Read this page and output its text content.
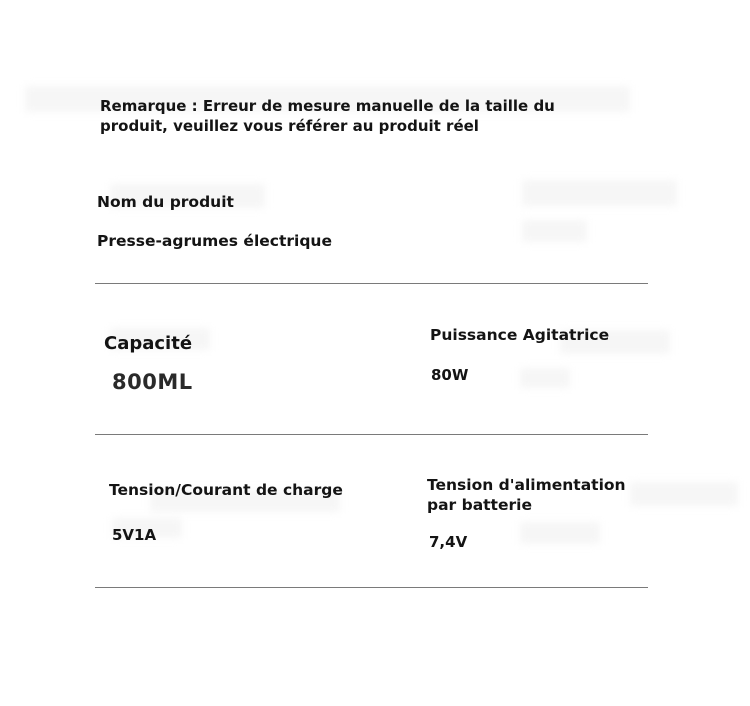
Remarque : Erreur de mesure manuelle de la taille du
produit, veuillez vous référer au produit réel
Nom du produit
Presse-agrumes électrique
Capacité
800ML
Puissance Agitatrice
80W
Tension/Courant de charge
5V1A
Tension d'alimentation
par batterie
7,4V
